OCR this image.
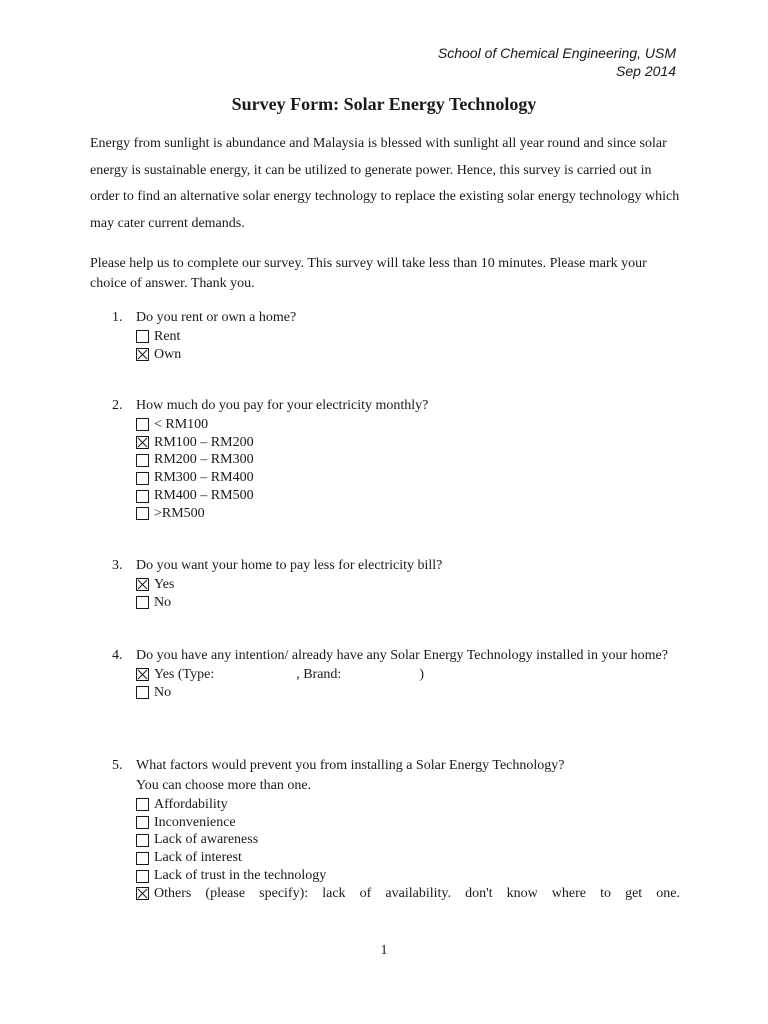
School of Chemical Engineering, USM
Sep 2014
Survey Form: Solar Energy Technology

Energy from sunlight is abundance and Malaysia is blessed with sunlight all year round and since solar energy is sustainable energy, it can be utilized to generate power. Hence, this survey is carried out in order to find an alternative solar energy technology to replace the existing solar energy technology which may cater current demands.

Please help us to complete our survey. This survey will take less than 10 minutes. Please mark your choice of answer. Thank you.

1. Do you rent or own a home?
Rent
Own
2. How much do you pay for your electricity monthly?
< RM100
RM100 – RM200
RM200 – RM300
RM300 – RM400
RM400 – RM500
>RM500
3. Do you want your home to pay less for electricity bill?
Yes
No
4. Do you have any intention/ already have any Solar Energy Technology installed in your home?
Yes (Type:	, Brand:	)
No
5. What factors would prevent you from installing a Solar Energy Technology?
You can choose more than one.
Affordability
Inconvenience
Lack of awareness
Lack of interest
Lack of trust in the technology
Others (please specify): lack of availability. don't know where to get one.
1
